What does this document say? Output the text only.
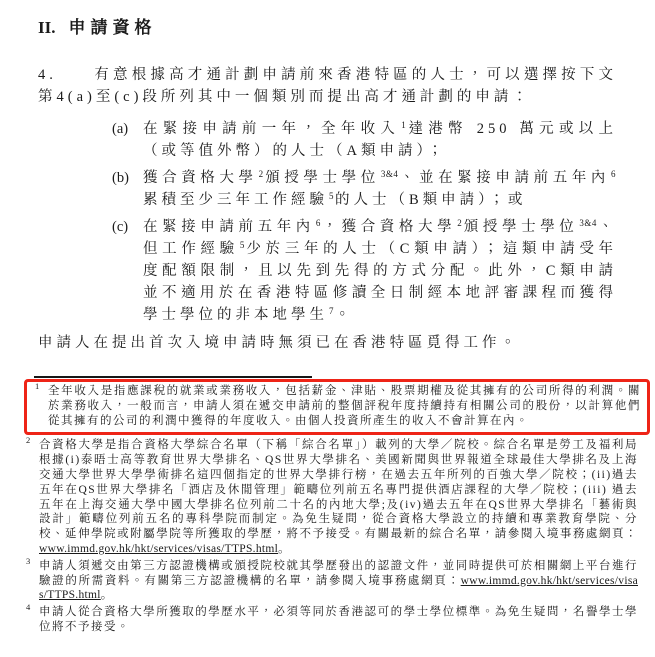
II. 申請資格

4.　　有意根據高才通計劃申請前來香港特區的人士，可以選擇按下文第4(a)至(c)段所列其中一個類別而提出高才通計劃的申請：

(a)	在緊接申請前一年，全年收入$^1$達港幣 250 萬元或以上（或等值外幣）的人士（A類申請）；
(b) 獲合資格大學$^2$頒授學士學位$^{3\&4}$、並在緊接申請前五年內$^6$累積至少三年工作經驗$^5$的人士（B類申請）；或
(c)	在緊接申請前五年內$^6$，獲合資格大學$^2$頒授學士學位$^{3\&4}$、但工作經驗$^5$少於三年的人士（C類申請）；這類申請受年度配額限制，且以先到先得的方式分配。此外，C類申請並不適用於在香港特區修讀全日制經本地評審課程而獲得學士學位的非本地學生$^7$。

申請人在提出首次入境申請時無須已在香港特區覓得工作。

$^1$ 全年收入是指應課稅的就業或業務收入，包括薪金、津貼、股票期權及從其擁有的公司所得的利潤。關於業務收入，一般而言，申請人須在遞交申請前的整個評稅年度持續持有相關公司的股份，以計算他們從其擁有的公司的利潤中獲得的年度收入。由個人投資所產生的收入不會計算在內。
$^2$ 合資格大學是指合資格大學綜合名單（下稱「綜合名單」）載列的大學／院校。綜合名單是勞工及福利局根據(i)泰晤士高等教育世界大學排名、QS世界大學排名、美國新聞與世界報道全球最佳大學排名及上海交通大學世界大學學術排名這四個指定的世界大學排行榜，在過去五年所列的百強大學／院校；(ii)過去五年在QS世界大學排名「酒店及休閒管理」範疇位列前五名專門提供酒店課程的大學／院校；(iii) 過去五年在上海交通大學中國大學排名位列前二十名的內地大學;及(iv)過去五年在QS世界大學排名「藝術與設計」範疇位列前五名的專科學院而制定。為免生疑問，從合資格大學設立的持續和專業教育學院、分校、延伸學院或附屬學院等所獲取的學歷，將不予接受。有關最新的綜合名單，請參閱入境事務處網頁：www.immd.gov.hk/hkt/services/visas/TTPS.html。
$^3$ 申請人須遞交由第三方認證機構或頒授院校就其學歷發出的認證文件，並同時提供可於相關網上平台進行驗證的所需資料。有關第三方認證機構的名單，請參閱入境事務處網頁：www.immd.gov.hk/hkt/services/visas/TTPS.html。
$^4$ 申請人從合資格大學所獲取的學歷水平，必須等同於香港認可的學士學位標準。為免生疑問，名譽學士學位將不予接受。
